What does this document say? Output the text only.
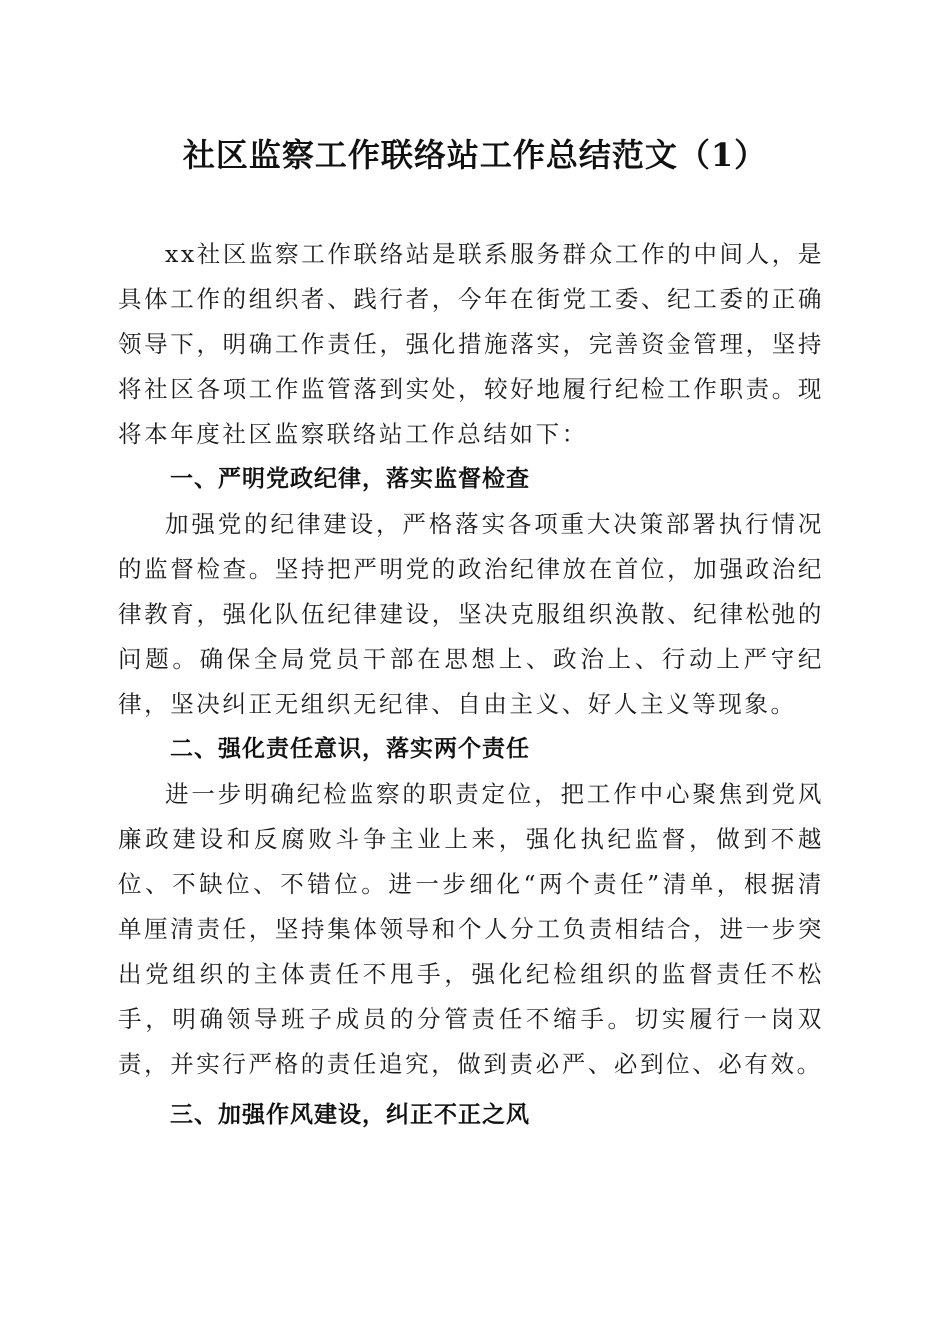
社区监察工作联络站工作总结范文（1）

xx社区监察工作联络站是联系服务群众工作的中间人，是具体工作的组织者、践行者，今年在街党工委、纪工委的正确领导下，明确工作责任，强化措施落实，完善资金管理，坚持将社区各项工作监管落到实处，较好地履行纪检工作职责。现将本年度社区监察联络站工作总结如下：

一、严明党政纪律，落实监督检查

加强党的纪律建设，严格落实各项重大决策部署执行情况的监督检查。坚持把严明党的政治纪律放在首位，加强政治纪律教育，强化队伍纪律建设，坚决克服组织涣散、纪律松弛的问题。确保全局党员干部在思想上、政治上、行动上严守纪律，坚决纠正无组织无纪律、自由主义、好人主义等现象。

二、强化责任意识，落实两个责任

进一步明确纪检监察的职责定位，把工作中心聚焦到党风廉政建设和反腐败斗争主业上来，强化执纪监督，做到不越位、不缺位、不错位。进一步细化“两个责任”清单，根据清单厘清责任，坚持集体领导和个人分工负责相结合，进一步突出党组织的主体责任不甩手，强化纪检组织的监督责任不松手，明确领导班子成员的分管责任不缩手。切实履行一岗双责，并实行严格的责任追究，做到责必严、必到位、必有效。

三、加强作风建设，纠正不正之风
